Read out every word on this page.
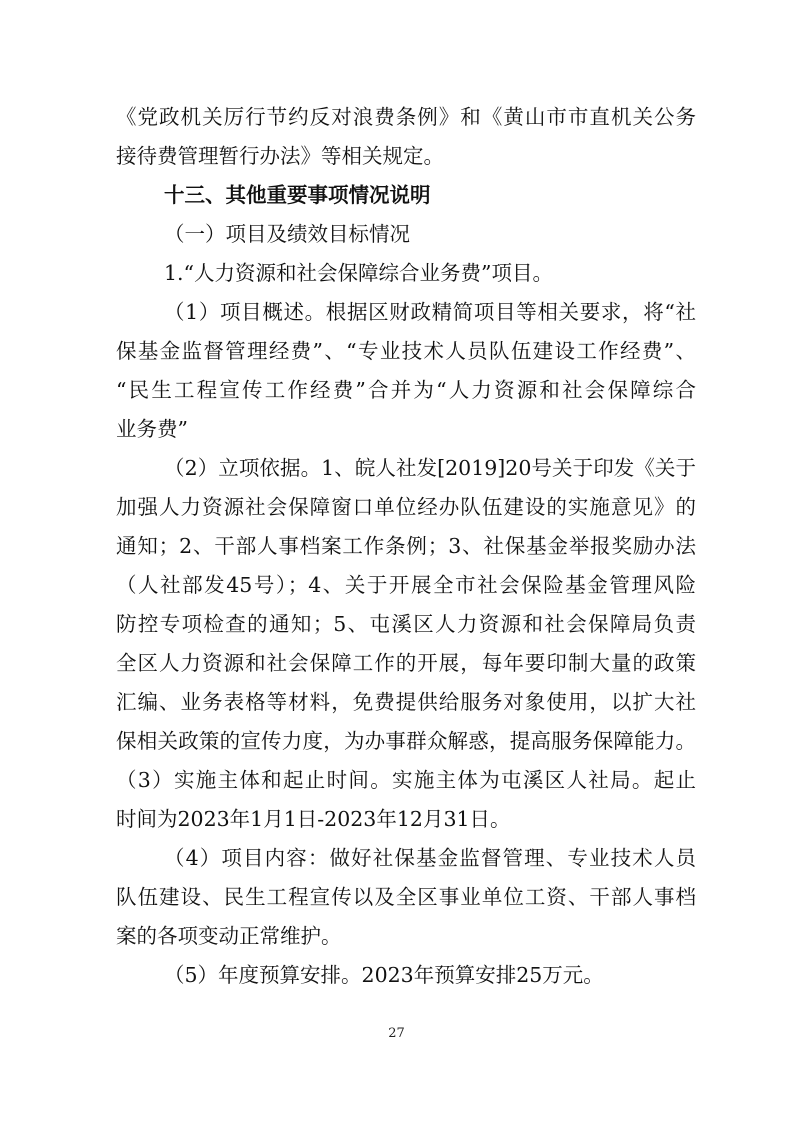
《党政机关厉行节约反对浪费条例》和《黄山市市直机关公务
接待费管理暂行办法》等相关规定。
十三、其他重要事项情况说明
（一）项目及绩效目标情况
1.“人力资源和社会保障综合业务费”项目。
（1）项目概述。根据区财政精简项目等相关要求，将“社
保基金监督管理经费”、“专业技术人员队伍建设工作经费”、
“民生工程宣传工作经费”合并为“人力资源和社会保障综合
业务费”
（2）立项依据。1、皖人社发[2019]20号关于印发《关于
加强人力资源社会保障窗口单位经办队伍建设的实施意见》的
通知；2、干部人事档案工作条例；3、社保基金举报奖励办法
（人社部发45号）；4、关于开展全市社会保险基金管理风险
防控专项检查的通知；5、屯溪区人力资源和社会保障局负责
全区人力资源和社会保障工作的开展，每年要印制大量的政策
汇编、业务表格等材料，免费提供给服务对象使用，以扩大社
保相关政策的宣传力度，为办事群众解惑，提高服务保障能力。
（3）实施主体和起止时间。实施主体为屯溪区人社局。起止
时间为2023年1月1日-2023年12月31日。
（4）项目内容：做好社保基金监督管理、专业技术人员
队伍建设、民生工程宣传以及全区事业单位工资、干部人事档
案的各项变动正常维护。
（5）年度预算安排。2023年预算安排25万元。
27
